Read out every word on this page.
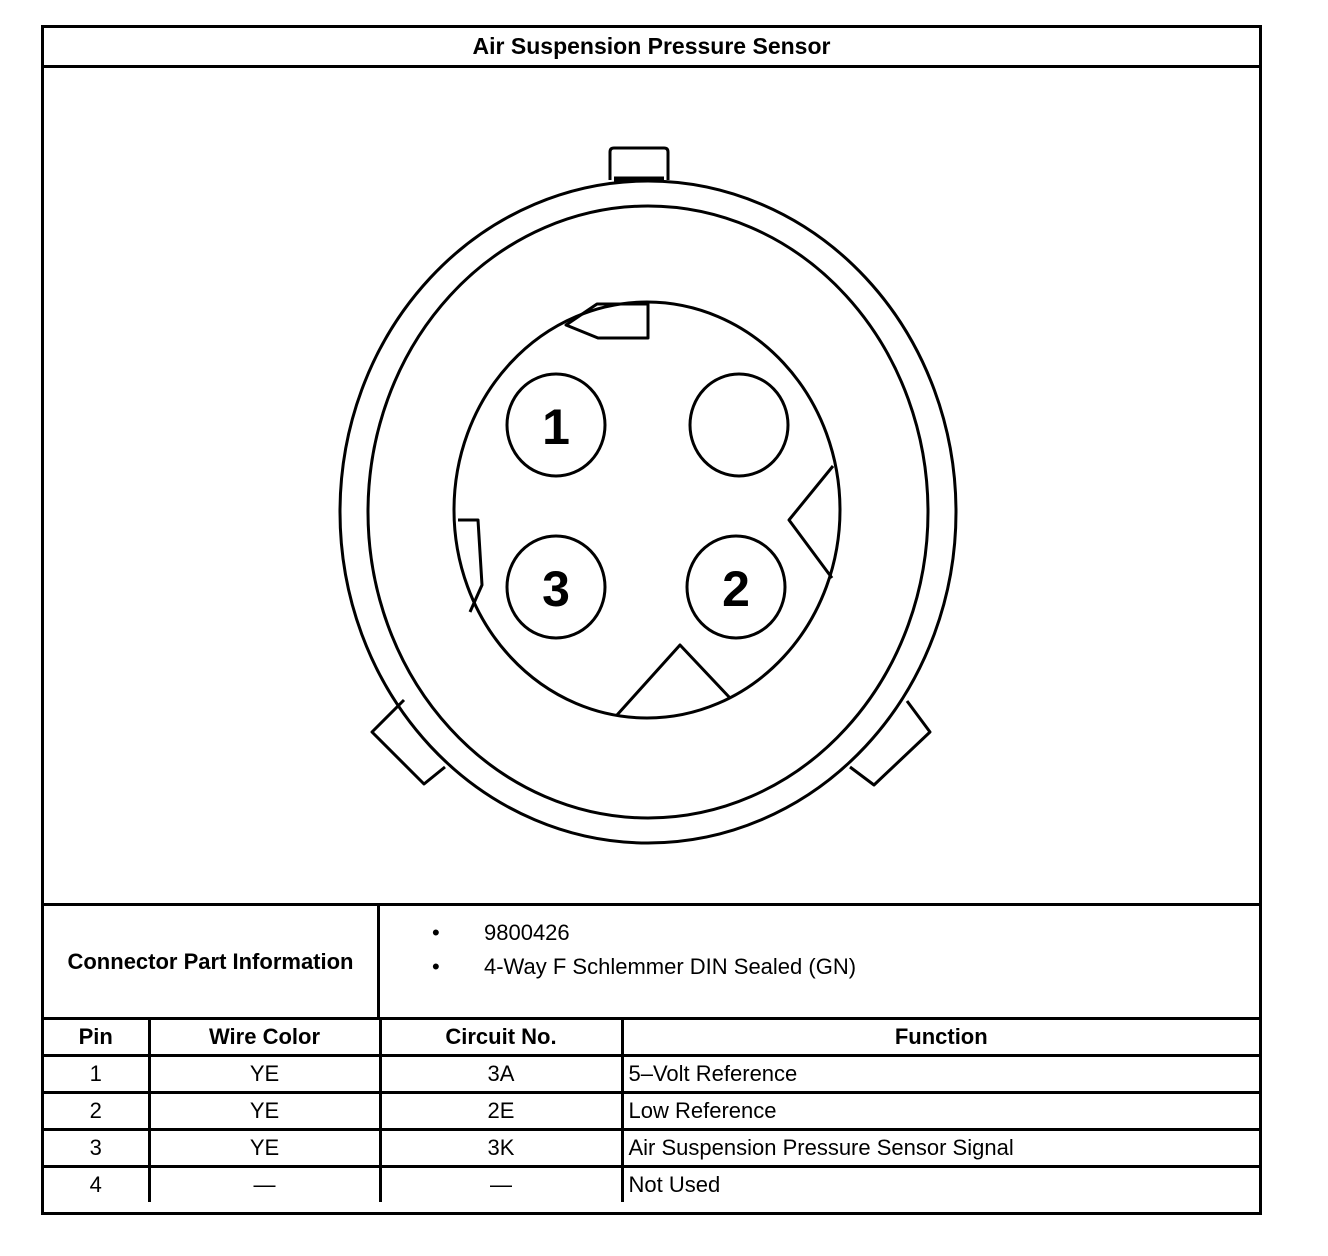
Air Suspension Pressure Sensor
1
2
3
Connector Part Information
• 9800426
• 4-Way F Schlemmer DIN Sealed (GN)
Pin	Wire Color	Circuit No.	Function
1	YE	3A	5–Volt Reference
2	YE	2E	Low Reference
3	YE	3K	Air Suspension Pressure Sensor Signal
4	—	—	Not Used
